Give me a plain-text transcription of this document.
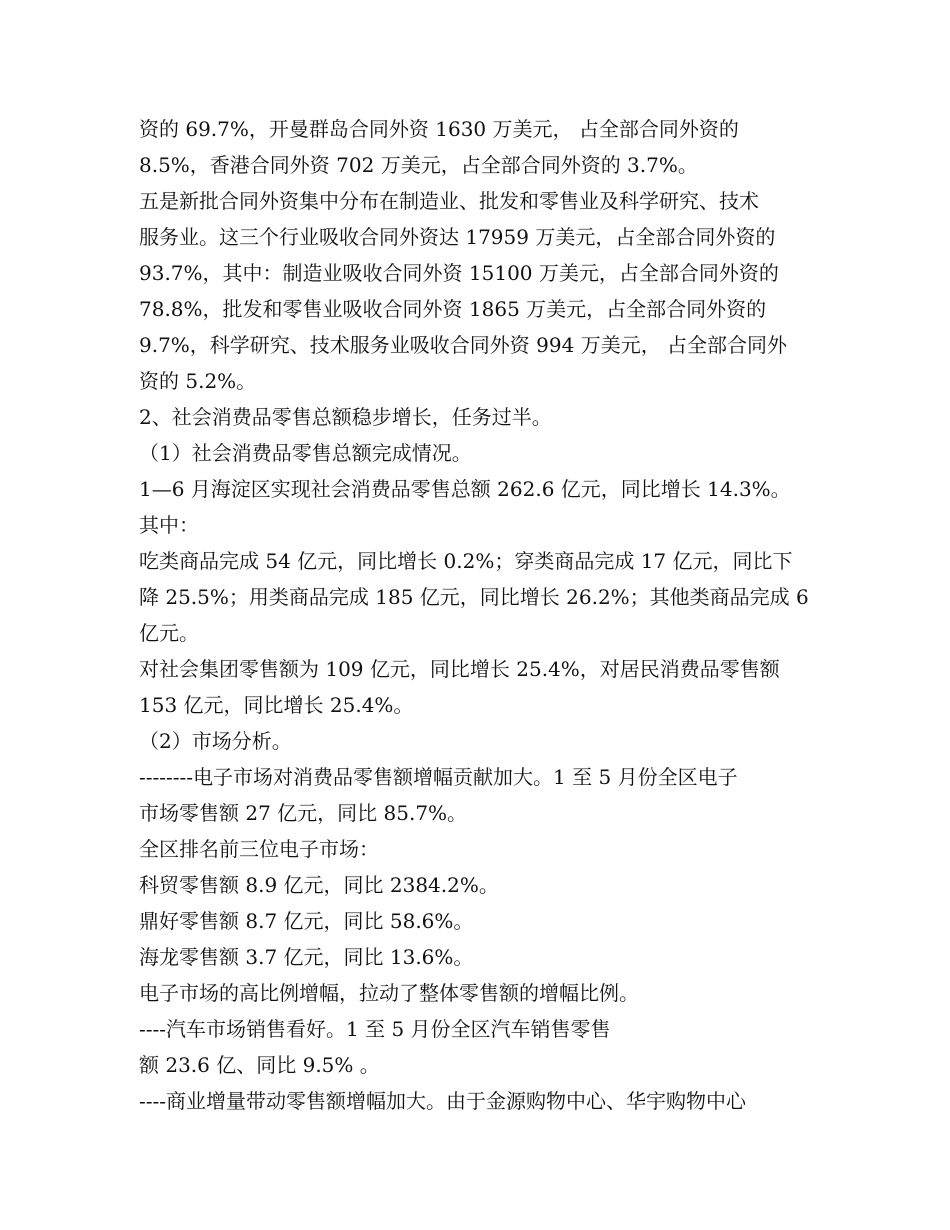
资的 69.7%，开曼群岛合同外资 1630 万美元， 占全部合同外资的
8.5%，香港合同外资 702 万美元，占全部合同外资的 3.7%。
五是新批合同外资集中分布在制造业、批发和零售业及科学研究、技术
服务业。这三个行业吸收合同外资达 17959 万美元，占全部合同外资的
93.7%，其中：制造业吸收合同外资 15100 万美元，占全部合同外资的
78.8%，批发和零售业吸收合同外资 1865 万美元，占全部合同外资的
9.7%，科学研究、技术服务业吸收合同外资 994 万美元， 占全部合同外
资的 5.2%。
2、社会消费品零售总额稳步增长，任务过半。
（1）社会消费品零售总额完成情况。
1—6 月海淀区实现社会消费品零售总额 262.6 亿元，同比增长 14.3%。
其中：
吃类商品完成 54 亿元，同比增长 0.2%；穿类商品完成 17 亿元，同比下
降 25.5%；用类商品完成 185 亿元，同比增长 26.2%；其他类商品完成 6
亿元。
对社会集团零售额为 109 亿元，同比增长 25.4%，对居民消费品零售额
153 亿元，同比增长 25.4%。
（2）市场分析。
--------电子市场对消费品零售额增幅贡献加大。1 至 5 月份全区电子
市场零售额 27 亿元，同比 85.7%。
全区排名前三位电子市场：
科贸零售额 8.9 亿元，同比 2384.2%。
鼎好零售额 8.7 亿元，同比 58.6%。
海龙零售额 3.7 亿元，同比 13.6%。
电子市场的高比例增幅，拉动了整体零售额的增幅比例。
----汽车市场销售看好。1 至 5 月份全区汽车销售零售
额 23.6 亿、同比 9.5% 。
----商业增量带动零售额增幅加大。由于金源购物中心、华宇购物中心
